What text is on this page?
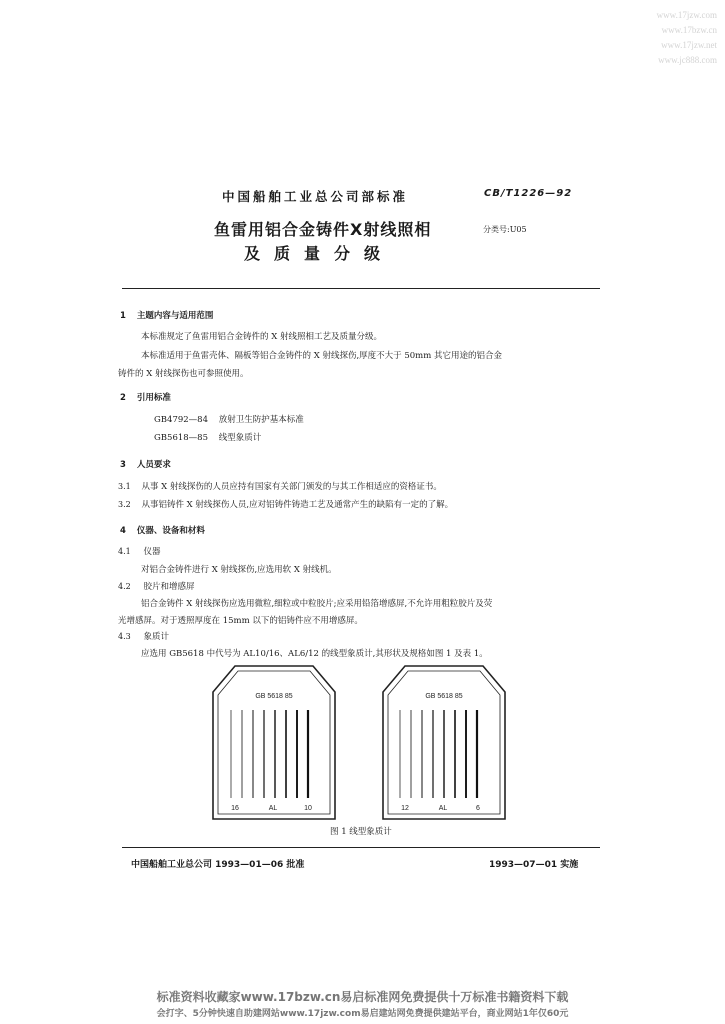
www.17jzw.com
www.17bzw.cn
www.17jzw.net
www.jc888.com
中国船舶工业总公司部标准	CB/T1226—92
鱼雷用铝合金铸件X射线照相
及质量分级
分类号:U05
1 主题内容与适用范围
本标准规定了鱼雷用铝合金铸件的 X 射线照相工艺及质量分级。
本标准适用于鱼雷壳体、隔板等铝合金铸件的 X 射线探伤,厚度不大于 50mm 其它用途的铝合金
铸件的 X 射线探伤也可参照使用。
2 引用标准
GB4792—84 放射卫生防护基本标准
GB5618—85 线型象质计
3 人员要求
3.1 从事 X 射线探伤的人员应持有国家有关部门颁发的与其工作相适应的资格证书。
3.2 从事铝铸件 X 射线探伤人员,应对铝铸件铸造工艺及通常产生的缺陷有一定的了解。
4 仪器、设备和材料
4.1 仪器
对铝合金铸件进行 X 射线探伤,应选用软 X 射线机。
4.2 胶片和增感屏
铝合金铸件 X 射线探伤应选用微粒,细粒或中粒胶片;应采用铅箔增感屏,不允许用粗粒胶片及荧
光增感屏。对于透照厚度在 15mm 以下的铝铸件应不用增感屏。
4.3 象质计
应选用 GB5618 中代号为 AL10/16、AL6/12 的线型象质计,其形状及规格如图 1 及表 1。
GB 5618 85
16	AL	10
GB 5618 85
12	AL	6
图 1 线型象质计
中国船舶工业总公司 1993—01—06 批准	1993—07—01 实施
标准资料收藏家www.17bzw.cn易启标准网免费提供十万标准书籍资料下载
会打字、5分钟快速自助建网站www.17jzw.com易启建站网免费提供建站平台，商业网站1年仅60元
